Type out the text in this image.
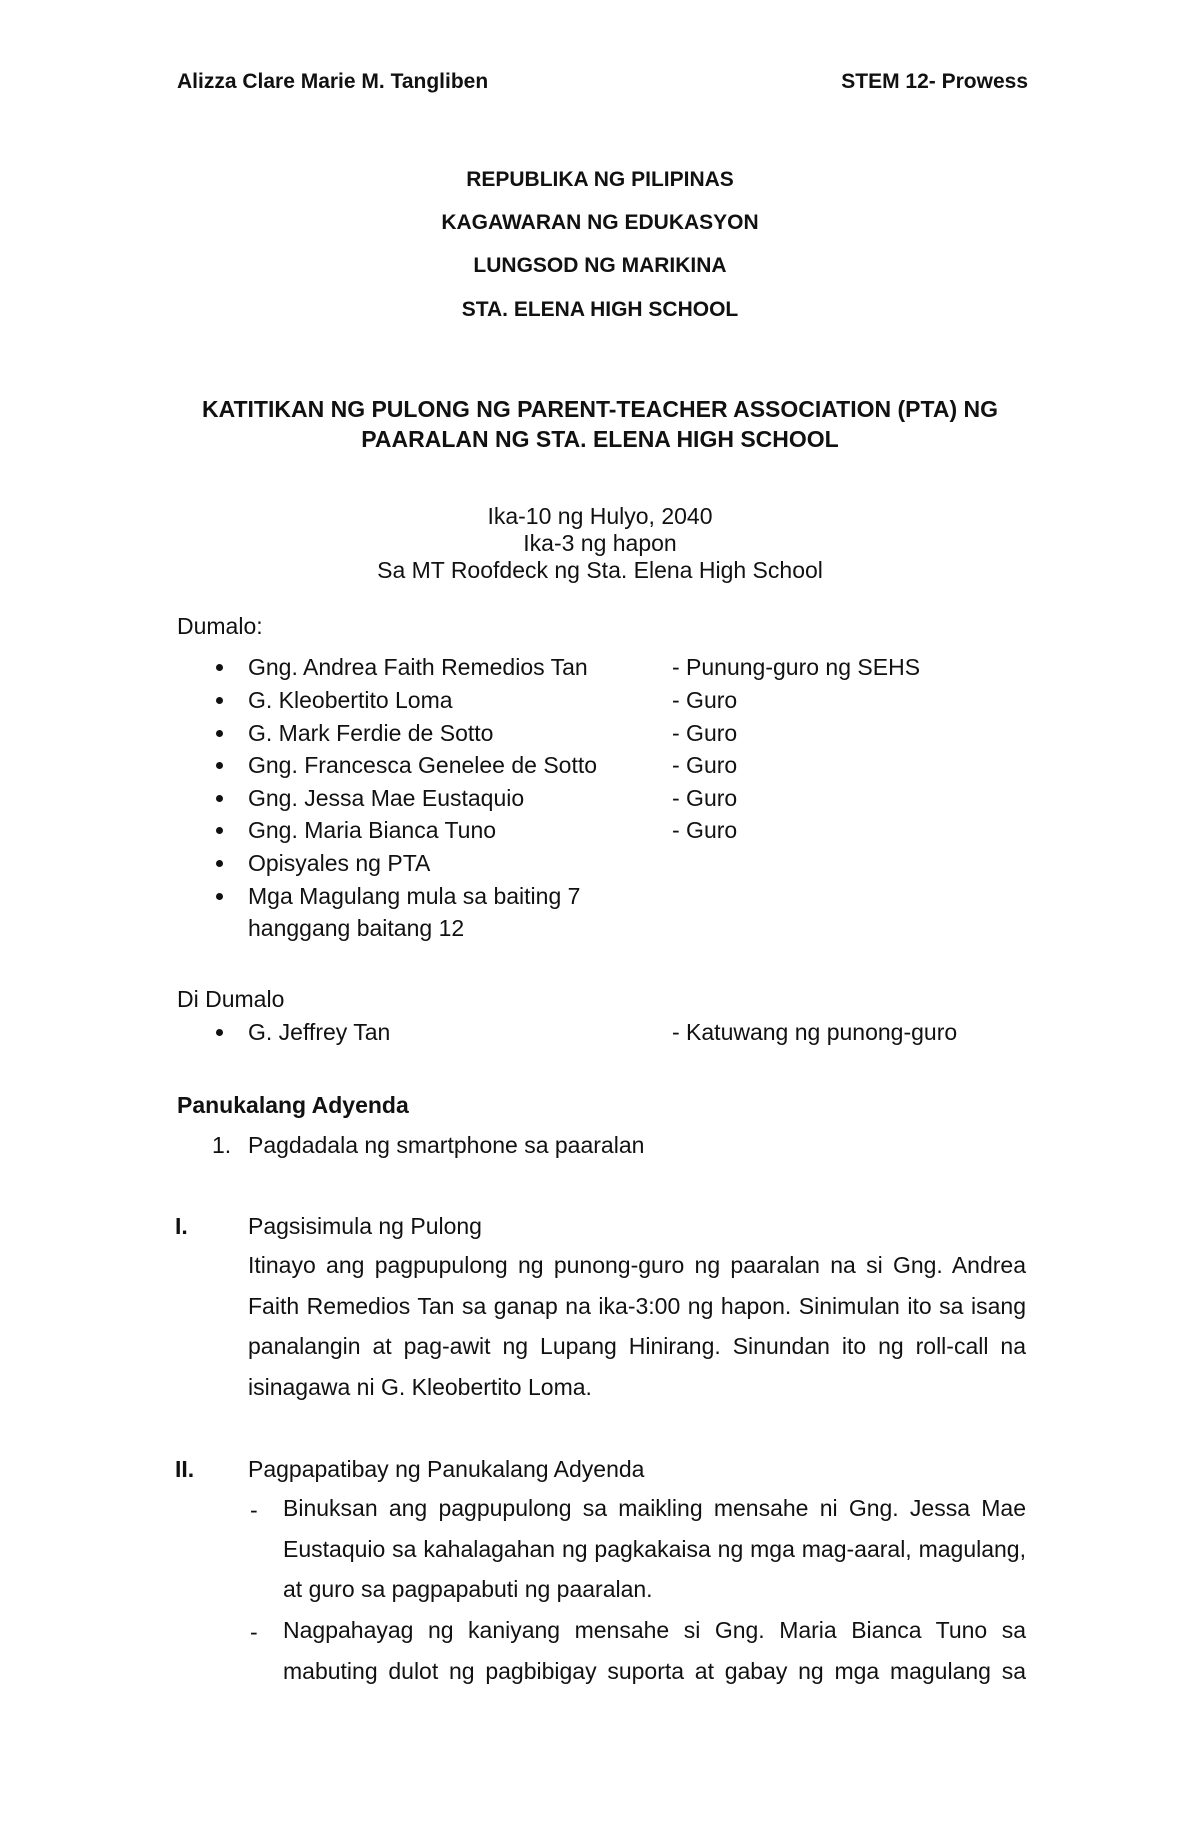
Alizza Clare Marie M. Tangliben	STEM 12- Prowess
REPUBLIKA NG PILIPINAS
KAGAWARAN NG EDUKASYON
LUNGSOD NG MARIKINA
STA. ELENA HIGH SCHOOL
KATITIKAN NG PULONG NG PARENT-TEACHER ASSOCIATION (PTA) NG PAARALAN NG STA. ELENA HIGH SCHOOL
Ika-10 ng Hulyo, 2040
Ika-3 ng hapon
Sa MT Roofdeck ng Sta. Elena High School
Dumalo:
Gng. Andrea Faith Remedios Tan	- Punung-guro ng SEHS
G. Kleobertito Loma	- Guro
G. Mark Ferdie de Sotto	- Guro
Gng. Francesca Genelee de Sotto	- Guro
Gng. Jessa Mae Eustaquio	- Guro
Gng. Maria Bianca Tuno	- Guro
Opisyales ng PTA
Mga Magulang mula sa baiting 7
hanggang baitang 12
Di Dumalo
G. Jeffrey Tan	- Katuwang ng punong-guro
Panukalang Adyenda
1. Pagdadala ng smartphone sa paaralan
I.	Pagsisimula ng Pulong
Itinayo ang pagpupulong ng punong-guro ng paaralan na si Gng. Andrea Faith Remedios Tan sa ganap na ika-3:00 ng hapon. Sinimulan ito sa isang panalangin at pag-awit ng Lupang Hinirang. Sinundan ito ng roll-call na isinagawa ni G. Kleobertito Loma.
II. Pagpapatibay ng Panukalang Adyenda
- Binuksan ang pagpupulong sa maikling mensahe ni Gng. Jessa Mae Eustaquio sa kahalagahan ng pagkakaisa ng mga mag-aaral, magulang, at guro sa pagpapabuti ng paaralan.
- Nagpahayag ng kaniyang mensahe si Gng. Maria Bianca Tuno sa mabuting dulot ng pagbibigay suporta at gabay ng mga magulang sa
